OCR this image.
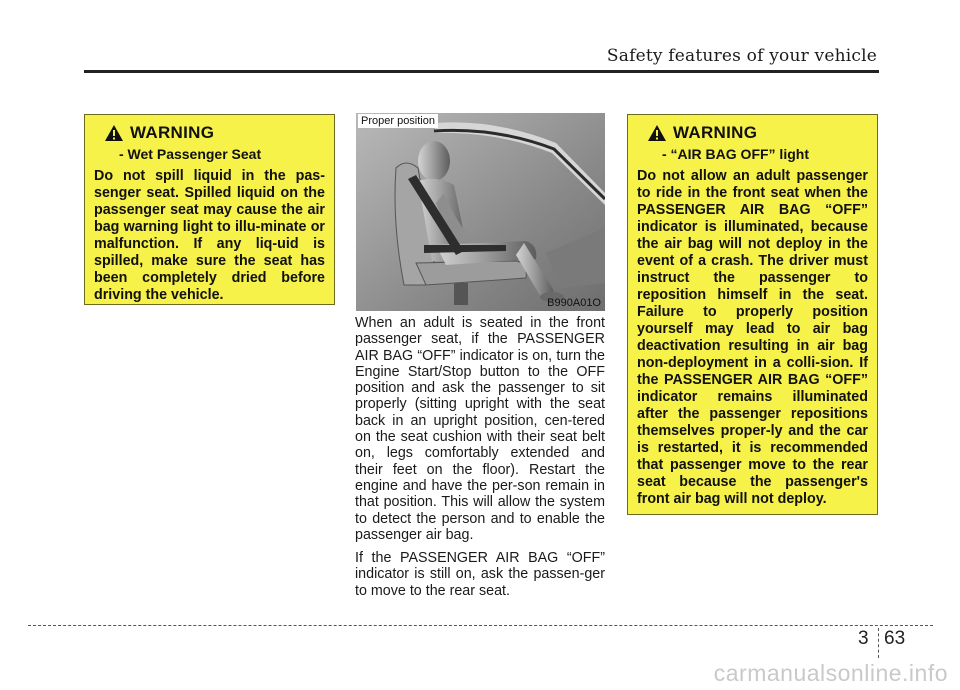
Safety features of your vehicle
WARNING
- Wet Passenger Seat
Do not spill liquid in the pas-senger seat. Spilled liquid on the passenger seat may cause the air bag warning light to illu-minate or malfunction. If any liq-uid is spilled, make sure the seat has been completely dried before driving the vehicle.
Proper position
B990A01O

When an adult is seated in the front passenger seat, if the PASSENGER AIR BAG “OFF” indicator is on, turn the Engine Start/Stop button to the OFF position and ask the passenger to sit properly (sitting upright with the seat back in an upright position, cen-tered on the seat cushion with their seat belt on, legs comfortably extended and their feet on the floor). Restart the engine and have the per-son remain in that position. This will allow the system to detect the person and to enable the passenger air bag.

If the PASSENGER AIR BAG “OFF” indicator is still on, ask the passen-ger to move to the rear seat.

WARNING
- “AIR BAG OFF” light
Do not allow an adult passenger to ride in the front seat when the PASSENGER AIR BAG “OFF” indicator is illuminated, because the air bag will not deploy in the event of a crash. The driver must instruct the passenger to reposition himself in the seat. Failure to properly position yourself may lead to air bag deactivation resulting in air bag non-deployment in a colli-sion. If the PASSENGER AIR BAG “OFF” indicator remains illuminated after the passenger repositions themselves proper-ly and the car is restarted, it is recommended that passenger move to the rear seat because the passenger's front air bag will not deploy.
3 63
carmanualsonline.info
